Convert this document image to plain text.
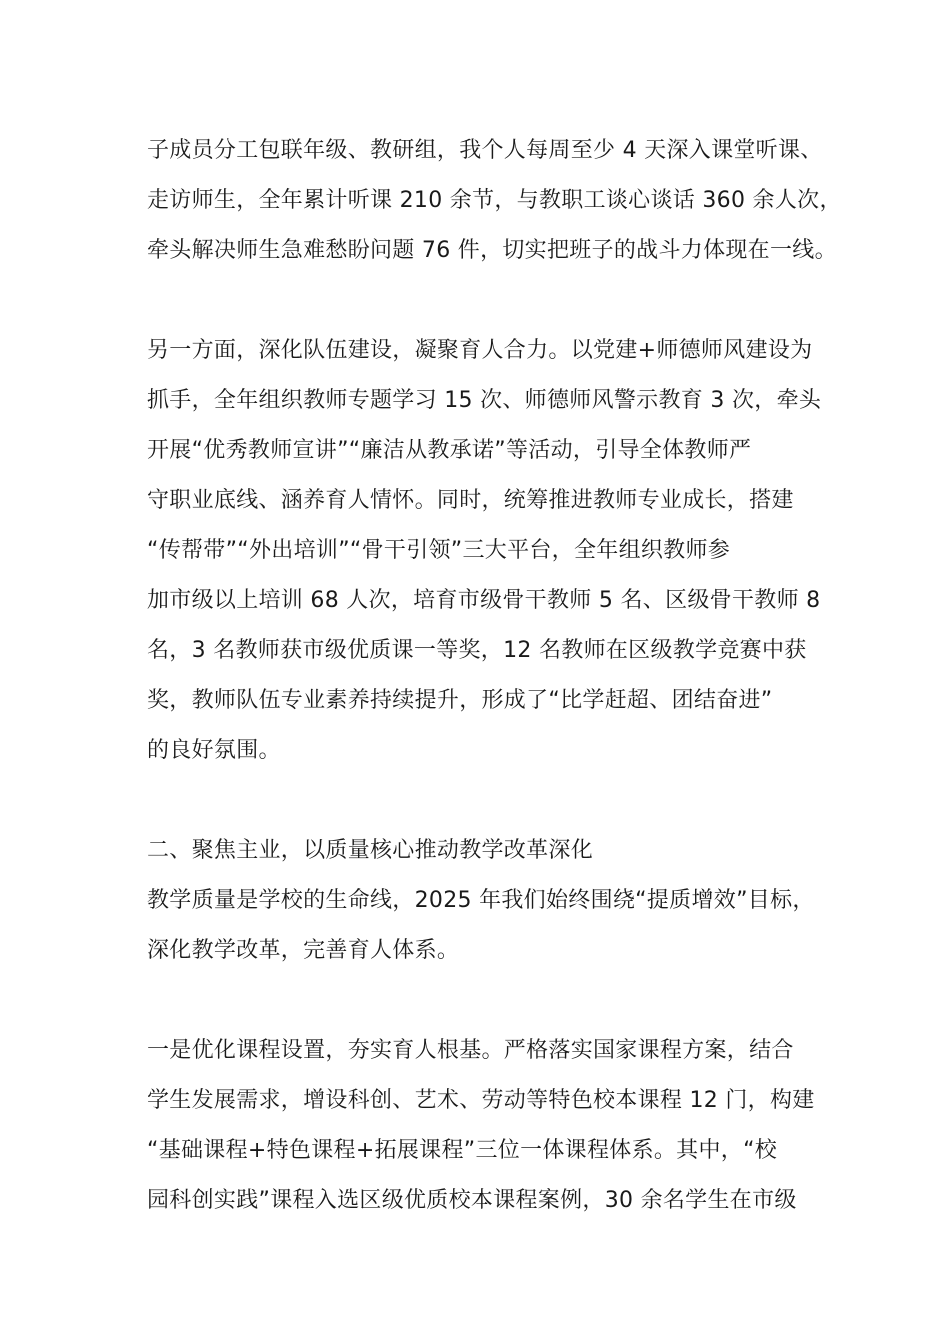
子成员分工包联年级、教研组，我个人每周至少 4 天深入课堂听课、
走访师生，全年累计听课 210 余节，与教职工谈心谈话 360 余人次，
牵头解决师生急难愁盼问题 76 件，切实把班子的战斗力体现在一线。
另一方面，深化队伍建设，凝聚育人合力。以党建+师德师风建设为
抓手，全年组织教师专题学习 15 次、师德师风警示教育 3 次，牵头
开展“优秀教师宣讲”“廉洁从教承诺”等活动，引导全体教师严
守职业底线、涵养育人情怀。同时，统筹推进教师专业成长，搭建
“传帮带”“外出培训”“骨干引领”三大平台，全年组织教师参
加市级以上培训 68 人次，培育市级骨干教师 5 名、区级骨干教师 8
名，3 名教师获市级优质课一等奖，12 名教师在区级教学竞赛中获
奖，教师队伍专业素养持续提升，形成了“比学赶超、团结奋进”
的良好氛围。
二、聚焦主业，以质量核心推动教学改革深化
教学质量是学校的生命线，2025 年我们始终围绕“提质增效”目标，
深化教学改革，完善育人体系。
一是优化课程设置，夯实育人根基。严格落实国家课程方案，结合
学生发展需求，增设科创、艺术、劳动等特色校本课程 12 门，构建
“基础课程+特色课程+拓展课程”三位一体课程体系。其中，“校
园科创实践”课程入选区级优质校本课程案例，30 余名学生在市级
